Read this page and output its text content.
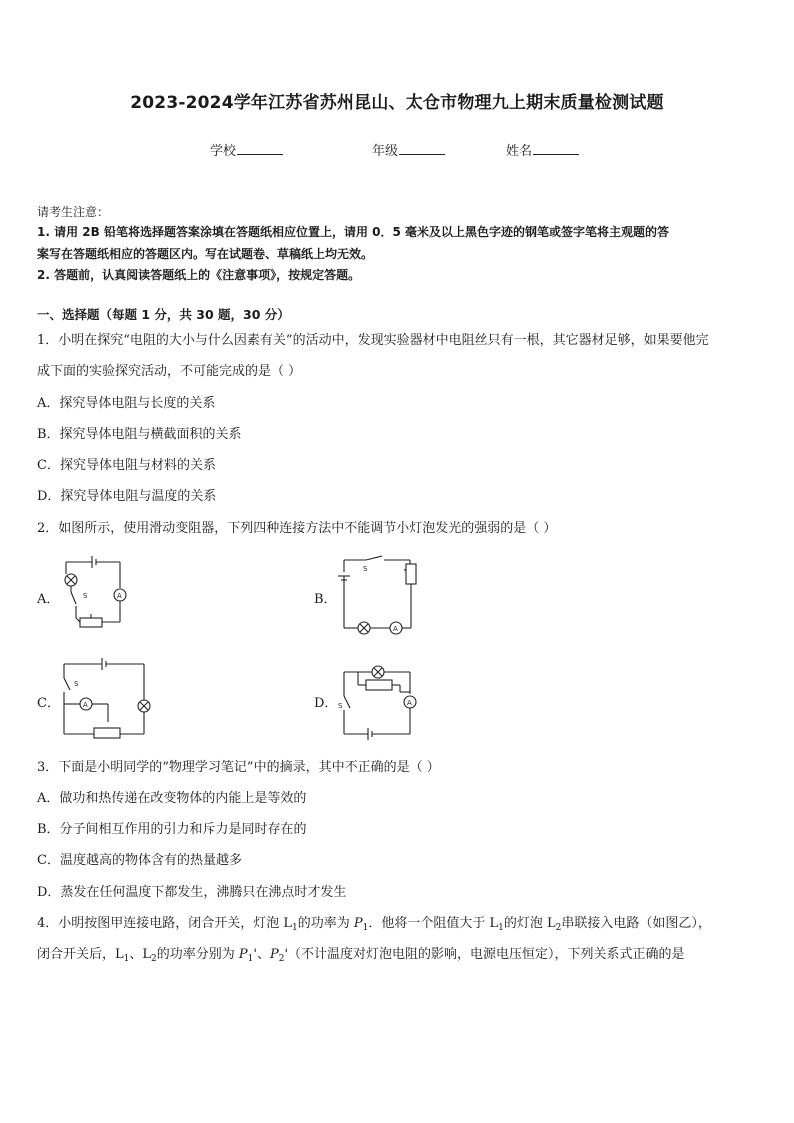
2023-2024学年江苏省苏州昆山、太仓市物理九上期末质量检测试题
学校	年级	姓名
请考生注意：
1. 请用 2B 铅笔将选择题答案涂填在答题纸相应位置上，请用 0．5 毫米及以上黑色字迹的钢笔或签字笔将主观题的答
案写在答题纸相应的答题区内。写在试题卷、草稿纸上均无效。
2. 答题前，认真阅读答题纸上的《注意事项》，按规定答题。
一、选择题（每题 1 分，共 30 题，30 分）
1．小明在探究“电阻的大小与什么因素有关”的活动中，发现实验器材中电阻丝只有一根，其它器材足够，如果要他完
成下面的实验探究活动，不可能完成的是（ ）
A．探究导体电阻与长度的关系
B．探究导体电阻与横截面积的关系
C．探究导体电阻与材料的关系
D．探究导体电阻与温度的关系
2．如图所示，使用滑动变阻器，下列四种连接方法中不能调节小灯泡发光的强弱的是（ ）
A．	S	A	B．
S
A
C．
S
A	D． S	A
3．下面是小明同学的“物理学习笔记”中的摘录，其中不正确的是（ ）
A．做功和热传递在改变物体的内能上是等效的
B．分子间相互作用的引力和斥力是同时存在的
C．温度越高的物体含有的热量越多
D．蒸发在任何温度下都发生，沸腾只在沸点时才发生
4．小明按图甲连接电路，闭合开关，灯泡 $L_1$的功率为 $P_1$．他将一个阻值大于 $L_1$的灯泡 $L_2$串联接入电路（如图乙），
闭合开关后，$L_1$、$L_2$的功率分别为 $P_1'$、$P_2'$（不计温度对灯泡电阻的影响，电源电压恒定），下列关系式正确的是
